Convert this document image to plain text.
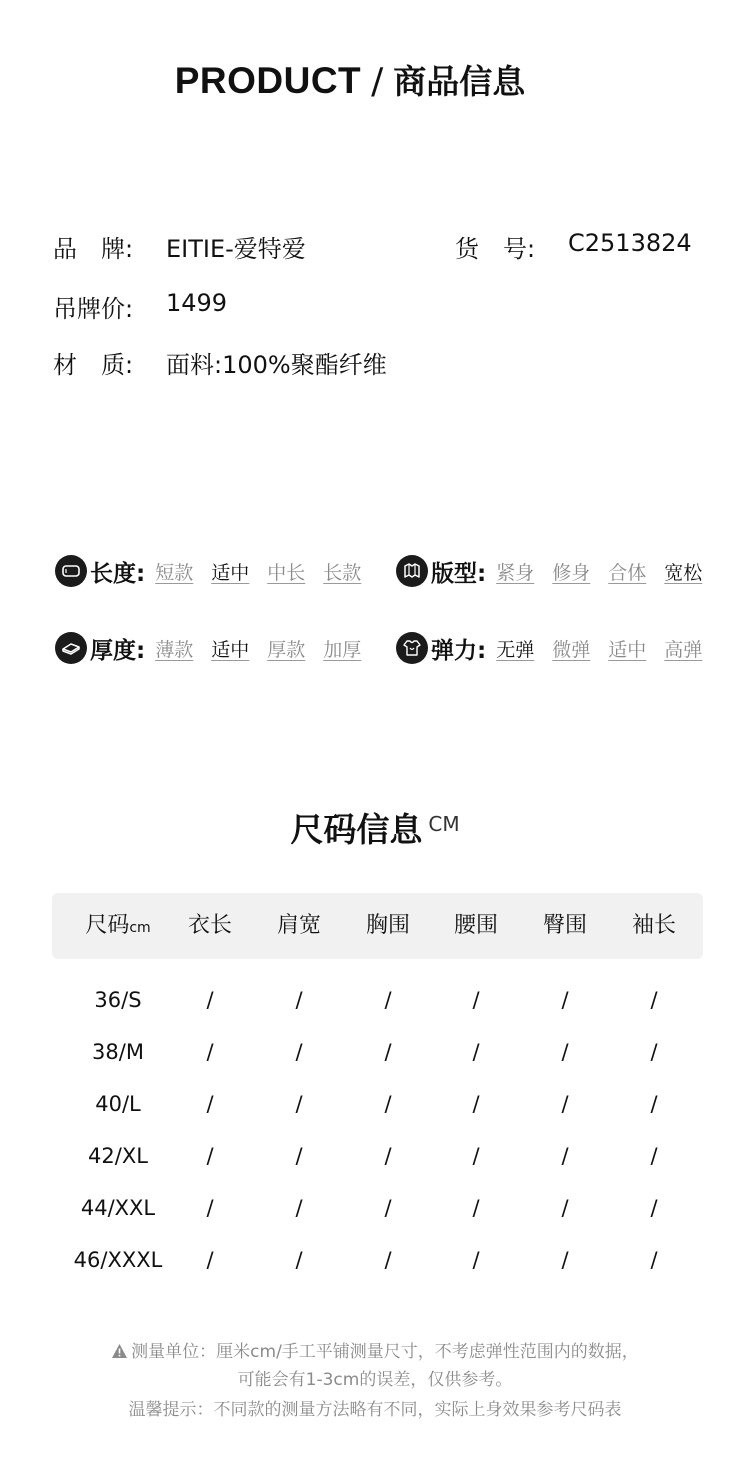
PRODUCT / 商品信息
品　牌: EITIE-爱特爱	货　号: C2513824
吊牌价: 1499
材　质: 面料:100%聚酯纤维
长度: 短款 适中 中长 长款	版型: 紧身 修身 合体 宽松
厚度: 薄款 适中 厚款 加厚	弹力: 无弹 微弹 适中 高弹
尺码信息 CM
尺码cm	衣长	肩宽	胸围	腰围	臀围	袖长
36/S	/	/	/	/	/	/
38/M	/	/	/	/	/	/
40/L	/	/	/	/	/	/
42/XL	/	/	/	/	/	/
44/XXL	/	/	/	/	/	/
46/XXXL	/	/	/	/	/	/
测量单位：厘米cm/手工平铺测量尺寸，不考虑弹性范围内的数据，
可能会有1-3cm的误差，仅供参考。
温馨提示：不同款的测量方法略有不同，实际上身效果参考尺码表
